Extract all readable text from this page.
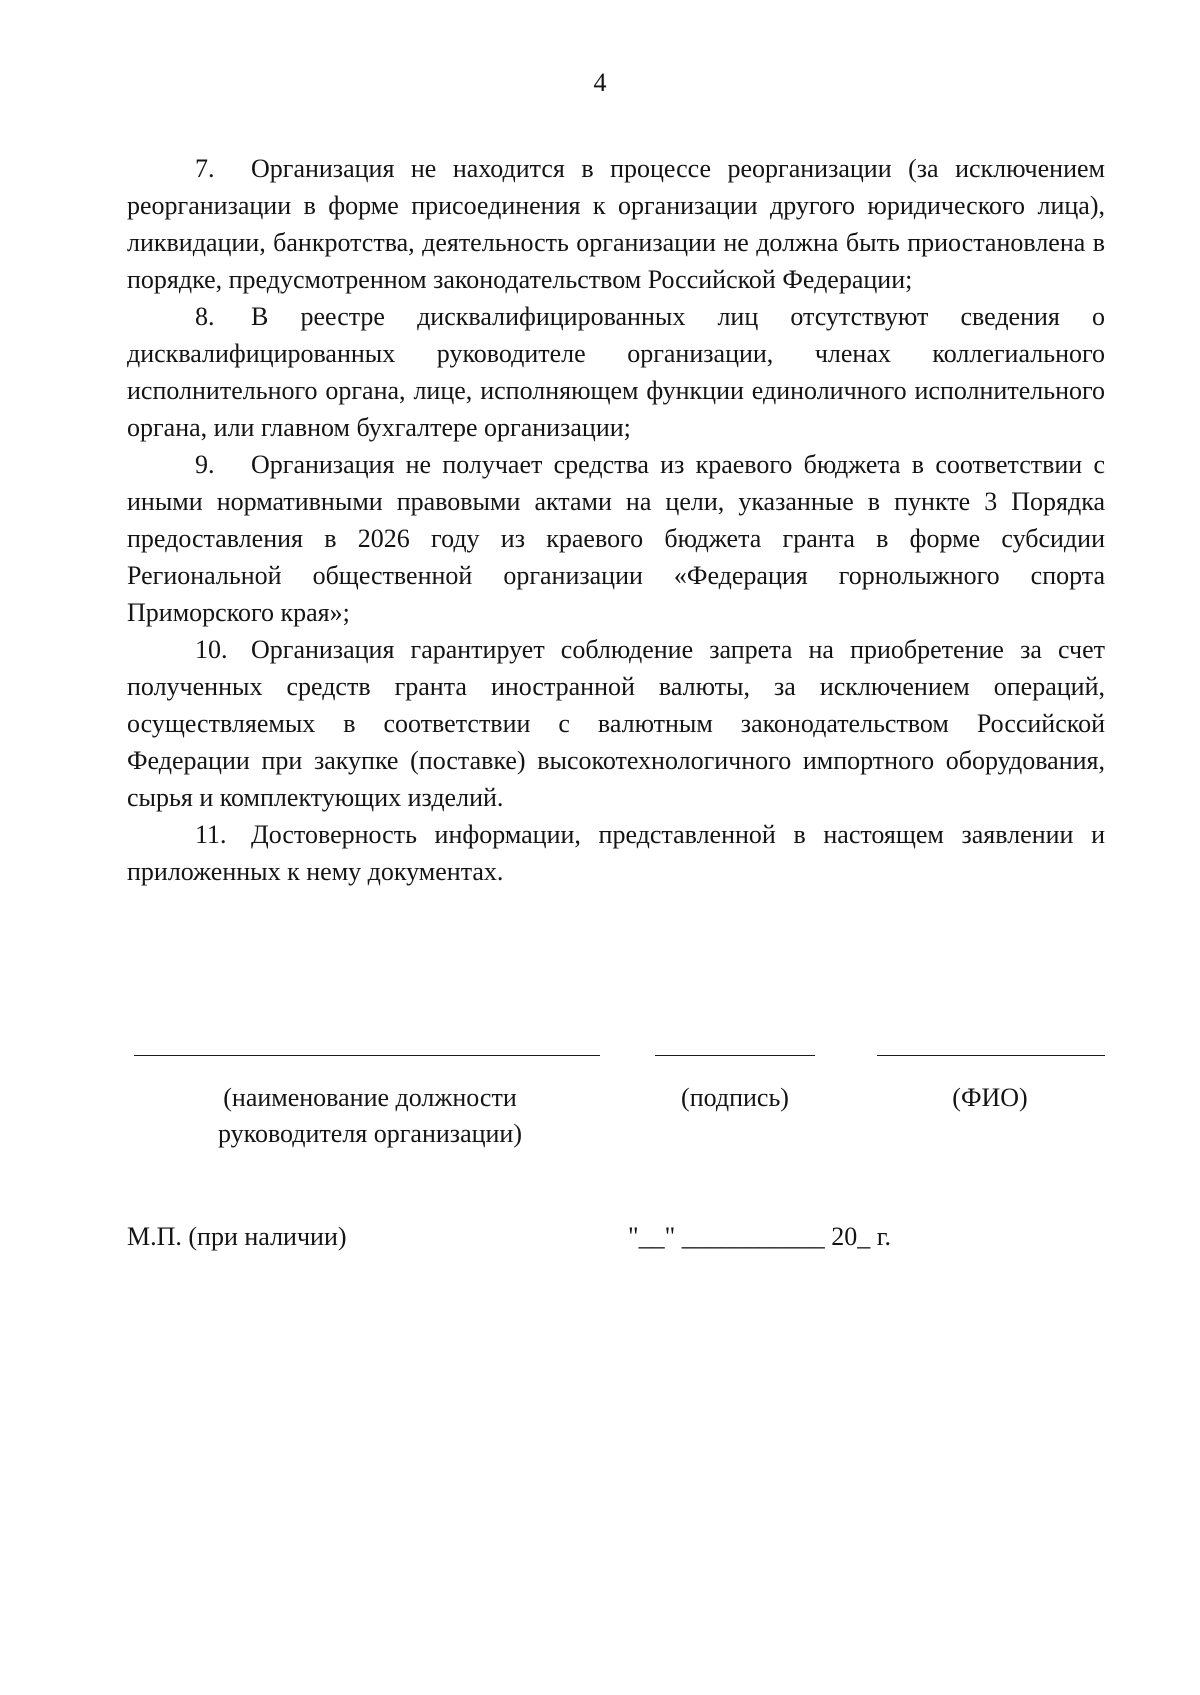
4

7. Организация не находится в процессе реорганизации (за исключением реорганизации в форме присоединения к организации другого юридического лица), ликвидации, банкротства, деятельность организации не должна быть приостановлена в порядке, предусмотренном законодательством Российской Федерации;

8. В реестре дисквалифицированных лиц отсутствуют сведения о дисквалифицированных руководителе организации, членах коллегиального исполнительного органа, лице, исполняющем функции единоличного исполнительного органа, или главном бухгалтере организации;

9. Организация не получает средства из краевого бюджета в соответствии с иными нормативными правовыми актами на цели, указанные в пункте 3 Порядка предоставления в 2026 году из краевого бюджета гранта в форме субсидии Региональной общественной организации «Федерация горнолыжного спорта Приморского края»;

10. Организация гарантирует соблюдение запрета на приобретение за счет полученных средств гранта иностранной валюты, за исключением операций, осуществляемых в соответствии с валютным законодательством Российской Федерации при закупке (поставке) высокотехнологичного импортного оборудования, сырья и комплектующих изделий.

11. Достоверность информации, представленной в настоящем заявлении и приложенных к нему документах.

(наименование должности
руководителя организации)
(подпись)	(ФИО)
М.П. (при наличии)	"__" ___________ 20_ г.
